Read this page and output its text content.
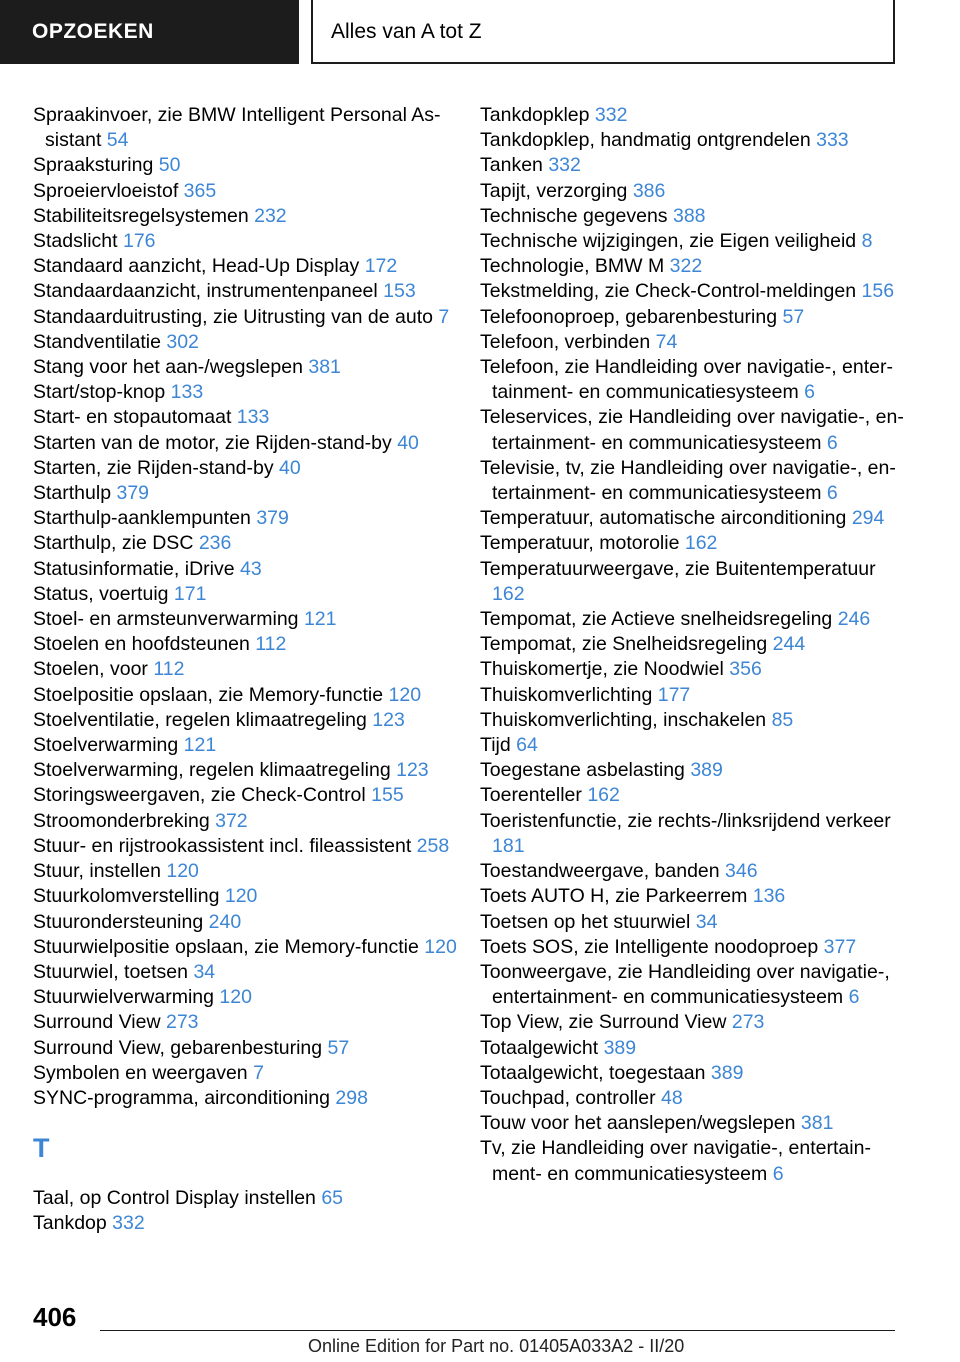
OPZOEKEN	Alles van A tot Z

Spraakinvoer, zie BMW Intelligent Personal Assistant 54

Spraaksturing 50

Sproeiervloeistof 365

Stabiliteitsregelsystemen 232

Stadslicht 176

Standaard aanzicht, Head-Up Display 172

Standaardaanzicht, instrumentenpaneel 153

Standaarduitrusting, zie Uitrusting van de auto 7

Standventilatie 302

Stang voor het aan-/wegslepen 381

Start/stop-knop 133

Start- en stopautomaat 133

Starten van de motor, zie Rijden-stand-by 40

Starten, zie Rijden-stand-by 40

Starthulp 379

Starthulp-aanklempunten 379

Starthulp, zie DSC 236

Statusinformatie, iDrive 43

Status, voertuig 171

Stoel- en armsteunverwarming 121

Stoelen en hoofdsteunen 112

Stoelen, voor 112

Stoelpositie opslaan, zie Memory-functie 120

Stoelventilatie, regelen klimaatregeling 123

Stoelverwarming 121

Stoelverwarming, regelen klimaatregeling 123

Storingsweergaven, zie Check-Control 155

Stroomonderbreking 372

Stuur- en rijstrookassistent incl. fileassistent 258

Stuur, instellen 120

Stuurkolomverstelling 120

Stuurondersteuning 240

Stuurwielpositie opslaan, zie Memory-functie 120

Stuurwiel, toetsen 34

Stuurwielverwarming 120

Surround View 273

Surround View, gebarenbesturing 57

Symbolen en weergaven 7

SYNC-programma, airconditioning 298

T

Taal, op Control Display instellen 65

Tankdop 332

Tankdopklep 332

Tankdopklep, handmatig ontgrendelen 333

Tanken 332

Tapijt, verzorging 386

Technische gegevens 388

Technische wijzigingen, zie Eigen veiligheid 8

Technologie, BMW M 322

Tekstmelding, zie Check-Control-meldingen 156

Telefoonoproep, gebarenbesturing 57

Telefoon, verbinden 74

Telefoon, zie Handleiding over navigatie-, entertainment- en communicatiesysteem 6

Teleservices, zie Handleiding over navigatie-, entertainment- en communicatiesysteem 6

Televisie, tv, zie Handleiding over navigatie-, entertainment- en communicatiesysteem 6

Temperatuur, automatische airconditioning 294

Temperatuur, motorolie 162

Temperatuurweergave, zie Buitentemperatuur 162

Tempomat, zie Actieve snelheidsregeling 246

Tempomat, zie Snelheidsregeling 244

Thuiskomertje, zie Noodwiel 356

Thuiskomverlichting 177

Thuiskomverlichting, inschakelen 85

Tijd 64

Toegestane asbelasting 389

Toerenteller 162

Toeristenfunctie, zie rechts-/linksrijdend verkeer 181

Toestandweergave, banden 346

Toets AUTO H, zie Parkeerrem 136

Toetsen op het stuurwiel 34

Toets SOS, zie Intelligente noodoproep 377

Toonweergave, zie Handleiding over navigatie-, entertainment- en communicatiesysteem 6

Top View, zie Surround View 273

Totaalgewicht 389

Totaalgewicht, toegestaan 389

Touchpad, controller 48

Touw voor het aanslepen/wegslepen 381

Tv, zie Handleiding over navigatie-, entertainment- en communicatiesysteem 6

406
Online Edition for Part no. 01405A033A2 - II/20
